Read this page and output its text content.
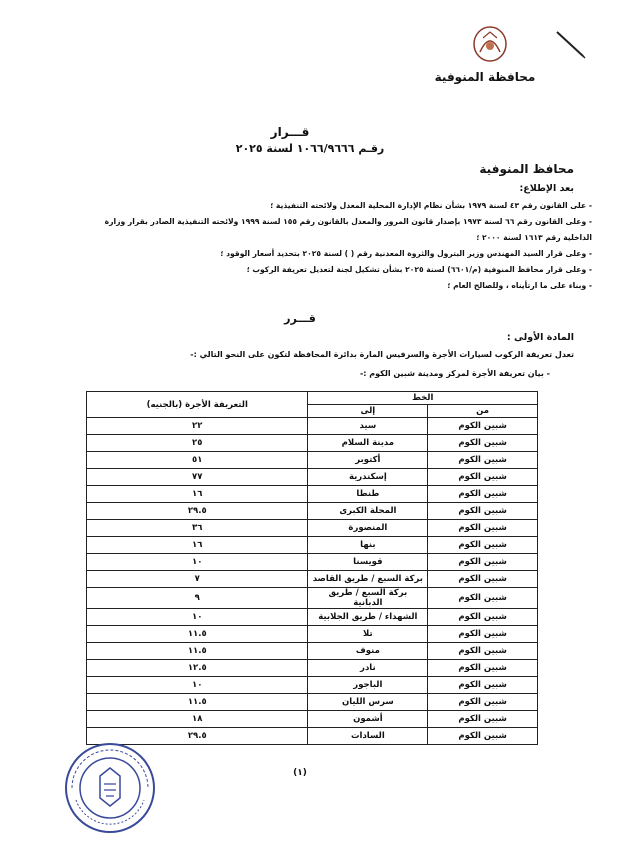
محافظة المنوفية
قـــرار
رقـم ١٠٦٦/٩٦٦٦ لسنة ٢٠٢٥
محافظ المنوفية
بعد الإطلاع:
- على القانون رقم ٤٣ لسنة ١٩٧٩ بشأن نظام الإدارة المحلية المعدل ولائحته التنفيذية ؛
- وعلى القانون رقم ٦٦ لسنة ١٩٧٣ بإصدار قانون المرور والمعدل بالقانون رقم ١٥٥ لسنة ١٩٩٩ ولائحته التنفيذية الصادر بقرار وزارة
الداخلية رقم ١٦١٣ لسنة ٢٠٠٠ ؛
- وعلى قرار السيد المهندس وزير البترول والثروة المعدنية رقم ( ) لسنة ٢٠٢٥ بتحديد أسعار الوقود ؛
- وعلى قرار محافظ المنوفية (م/٦٦٠١) لسنة ٢٠٢٥ بشأن تشكيل لجنة لتعديل تعريفة الركوب ؛
- وبناء على ما ارتأيناه ، وللصالح العام ؛
قـــرر
المادة الأولى :
تعدل تعريفة الركوب لسيارات الأجرة والسرفيس المارة بدائرة المحافظة لتكون على النحو التالي :-
- بيان تعريفة الأجرة لمركز ومدينة شبين الكوم :-
الخط		التعريفة الأجرة (بالجنيه)
من	إلى	
شبين الكوم	سيد	٢٢
شبين الكوم	مدينة السلام	٢٥
شبين الكوم	أكتوبر	٥١
شبين الكوم	إسكندرية	٧٧
شبين الكوم	طنطا	١٦
شبين الكوم	المحلة الكبرى	٢٩.٥
شبين الكوم	المنصورة	٣٦
شبين الكوم	بنها	١٦
شبين الكوم	قويسنا	١٠
شبين الكوم	بركة السبع / طريق القاصد	٧
شبين الكوم	بركة السبع / طريق الدبانية	٩
شبين الكوم	الشهداء / طريق الجلابية	١٠
شبين الكوم	تلا	١١.٥
شبين الكوم	منوف	١١.٥
شبين الكوم	نادر	١٢.٥
شبين الكوم	الباجور	١٠
شبين الكوم	سرس الليان	١١.٥
شبين الكوم	أشمون	١٨
شبين الكوم	السادات	٢٩.٥
(١)
